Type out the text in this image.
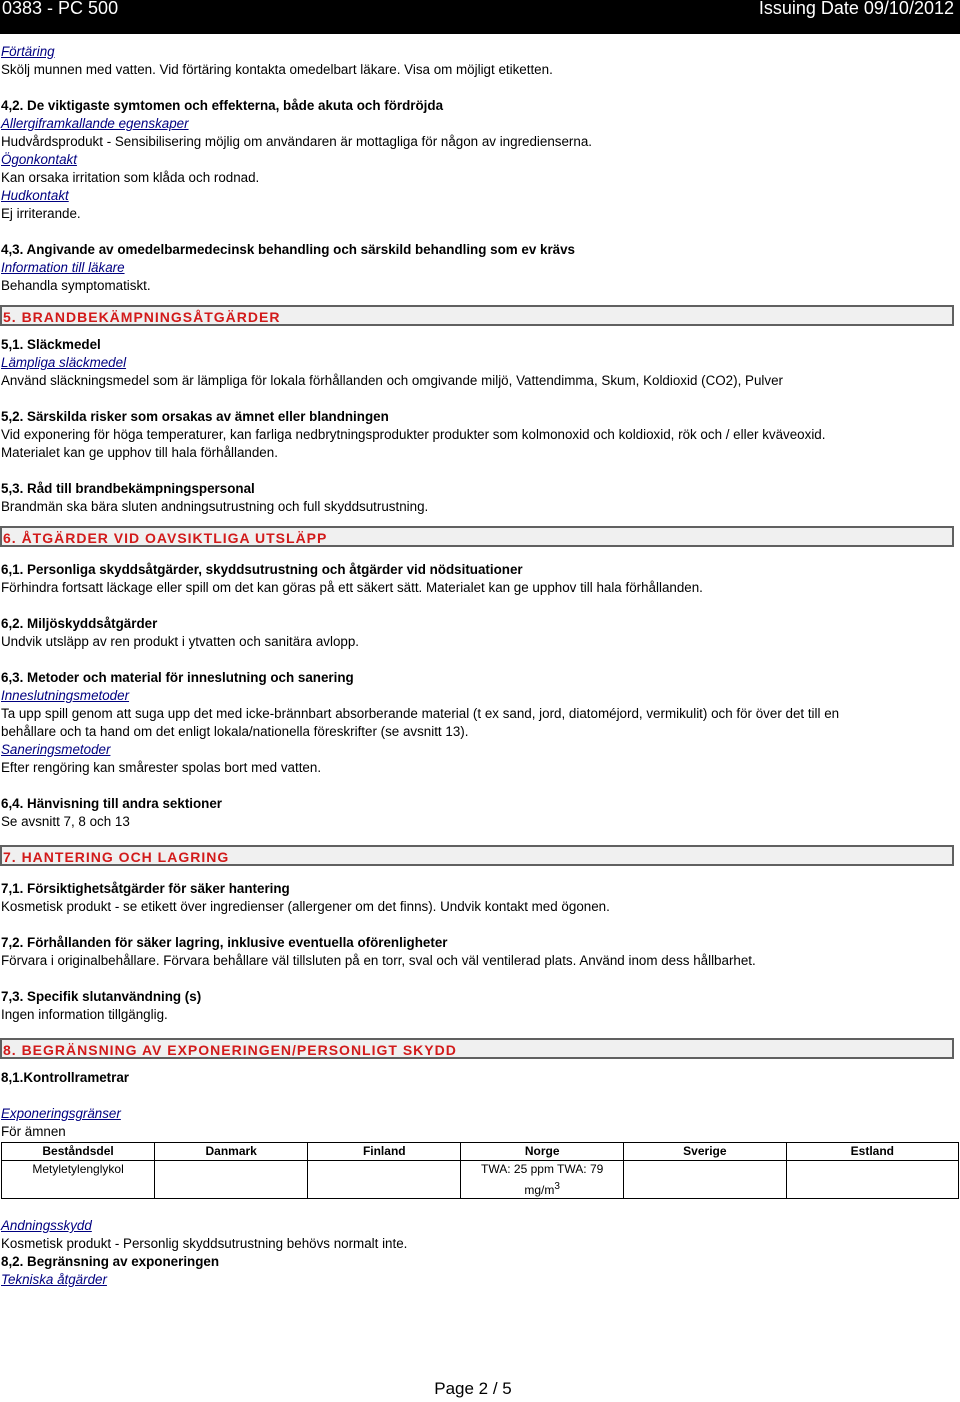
0383 - PC 500	Issuing Date 09/10/2012
Förtäring
Skölj munnen med vatten. Vid förtäring kontakta omedelbart läkare. Visa om möjligt etiketten.
4,2. De viktigaste symtomen och effekterna, både akuta och fördröjda
Allergiframkallande egenskaper
Hudvårdsprodukt - Sensibilisering möjlig om användaren är mottagliga för någon av ingredienserna.
Ögonkontakt
Kan orsaka irritation som klåda och rodnad.
Hudkontakt
Ej irriterande.
4,3. Angivande av omedelbarmedecinsk behandling och särskild behandling som ev krävs
Information till läkare
Behandla symptomatiskt.
5. BRANDBEKÄMPNINGSÅTGÄRDER
5,1. Släckmedel
Lämpliga släckmedel
Använd släckningsmedel som är lämpliga för lokala förhållanden och omgivande miljö, Vattendimma, Skum, Koldioxid (CO2), Pulver
5,2. Särskilda risker som orsakas av ämnet eller blandningen
Vid exponering för höga temperaturer, kan farliga nedbrytningsprodukter produkter som kolmonoxid och koldioxid, rök och / eller kväveoxid.
Materialet kan ge upphov till hala förhållanden.
5,3. Råd till brandbekämpningspersonal
Brandmän ska bära sluten andningsutrustning och full skyddsutrustning.
6. ÅTGÄRDER VID OAVSIKTLIGA UTSLÄPP
6,1. Personliga skyddsåtgärder, skyddsutrustning och åtgärder vid nödsituationer
Förhindra fortsatt läckage eller spill om det kan göras på ett säkert sätt. Materialet kan ge upphov till hala förhållanden.
6,2. Miljöskyddsåtgärder
Undvik utsläpp av ren produkt i ytvatten och sanitära avlopp.
6,3. Metoder och material för inneslutning och sanering
Inneslutningsmetoder
Ta upp spill genom att suga upp det med icke-brännbart absorberande material (t ex sand, jord, diatoméjord, vermikulit) och för över det till en
behållare och ta hand om det enligt lokala/nationella föreskrifter (se avsnitt 13).
Saneringsmetoder
Efter rengöring kan smårester spolas bort med vatten.
6,4. Hänvisning till andra sektioner
Se avsnitt 7, 8 och 13
7. HANTERING OCH LAGRING
7,1. Försiktighetsåtgärder för säker hantering
Kosmetisk produkt - se etikett över ingredienser (allergener om det finns). Undvik kontakt med ögonen.
7,2. Förhållanden för säker lagring, inklusive eventuella oförenligheter
Förvara i originalbehållare. Förvara behållare väl tillsluten på en torr, sval och väl ventilerad plats. Använd inom dess hållbarhet.
7,3. Specifik slutanvändning (s)
Ingen information tillgänglig.
8. BEGRÄNSNING AV EXPONERINGEN/PERSONLIGT SKYDD
8,1.Kontrollrametrar
Exponeringsgränser
För ämnen
Beståndsdel	Danmark	Finland	Norge	Sverige	Estland
Metyletylenglykol			TWA: 25 ppm TWA: 79
$mg/m^3$

Andningsskydd
Kosmetisk produkt - Personlig skyddsutrustning behövs normalt inte.
8,2. Begränsning av exponeringen
Tekniska åtgärder
Page 2 / 5
